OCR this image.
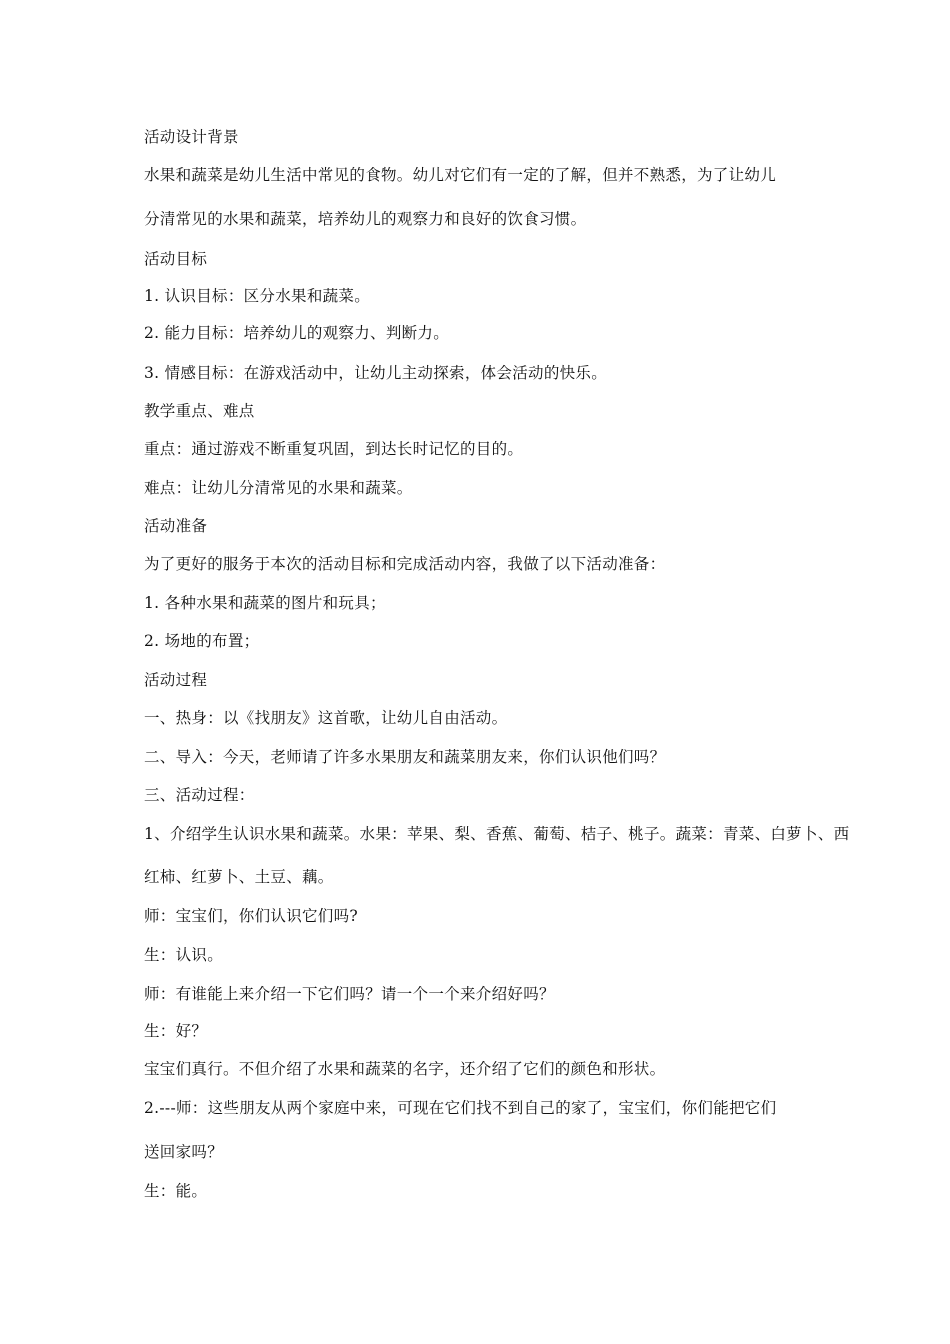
活动设计背景
水果和蔬菜是幼儿生活中常见的食物。幼儿对它们有一定的了解，但并不熟悉，为了让幼儿
分清常见的水果和蔬菜，培养幼儿的观察力和良好的饮食习惯。
活动目标
1. 认识目标：区分水果和蔬菜。
2. 能力目标：培养幼儿的观察力、判断力。
3. 情感目标：在游戏活动中，让幼儿主动探索，体会活动的快乐。
教学重点、难点
重点：通过游戏不断重复巩固，到达长时记忆的目的。
难点：让幼儿分清常见的水果和蔬菜。
活动准备
为了更好的服务于本次的活动目标和完成活动内容，我做了以下活动准备：
1. 各种水果和蔬菜的图片和玩具；
2. 场地的布置；
活动过程
一、热身：以《找朋友》这首歌，让幼儿自由活动。
二、导入：今天，老师请了许多水果朋友和蔬菜朋友来，你们认识他们吗？
三、活动过程：
1、介绍学生认识水果和蔬菜。水果：苹果、梨、香蕉、葡萄、桔子、桃子。蔬菜：青菜、白萝卜、西
红柿、红萝卜、土豆、藕。
师：宝宝们，你们认识它们吗?
生：认识。
师：有谁能上来介绍一下它们吗？请一个一个来介绍好吗？
生：好？
宝宝们真行。不但介绍了水果和蔬菜的名字，还介绍了它们的颜色和形状。
2.---师：这些朋友从两个家庭中来，可现在它们找不到自己的家了，宝宝们，你们能把它们
送回家吗？
生：能。
